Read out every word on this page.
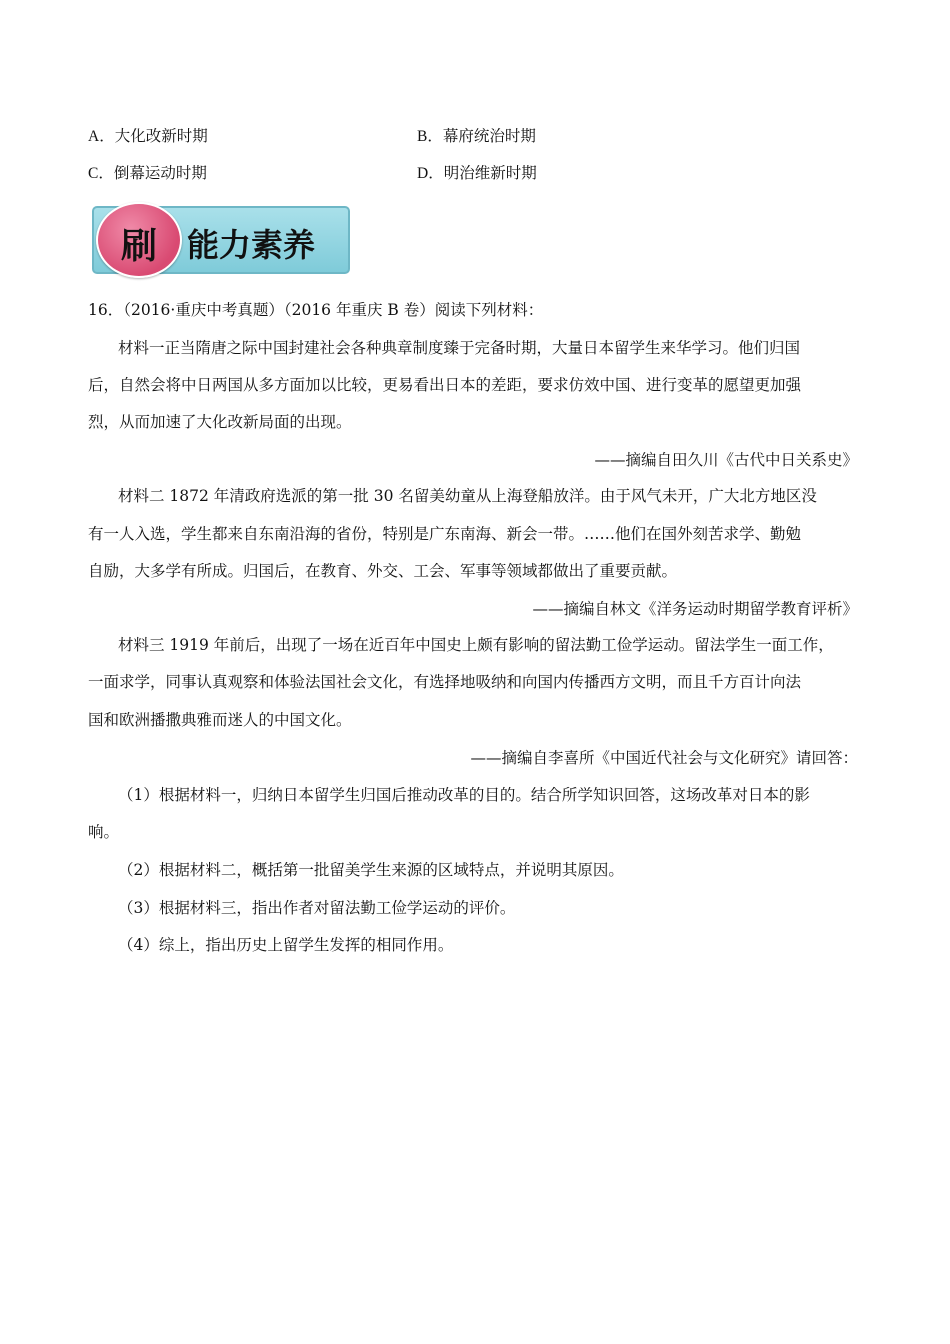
A．大化改新时期	B．幕府统治时期
C．倒幕运动时期	D．明治维新时期
刷 能力素养
16．（2016·重庆中考真题）（2016 年重庆 B 卷）阅读下列材料：
材料一正当隋唐之际中国封建社会各种典章制度臻于完备时期，大量日本留学生来华学习。他们归国
后，自然会将中日两国从多方面加以比较，更易看出日本的差距，要求仿效中国、进行变革的愿望更加强
烈，从而加速了大化改新局面的出现。
——摘编自田久川《古代中日关系史》
材料二 1872 年清政府选派的第一批 30 名留美幼童从上海登船放洋。由于风气未开，广大北方地区没
有一人入选，学生都来自东南沿海的省份，特别是广东南海、新会一带。……他们在国外刻苦求学、勤勉
自励，大多学有所成。归国后，在教育、外交、工会、军事等领域都做出了重要贡献。
——摘编自林文《洋务运动时期留学教育评析》
材料三 1919 年前后，出现了一场在近百年中国史上颇有影响的留法勤工俭学运动。留法学生一面工作，
一面求学，同事认真观察和体验法国社会文化，有选择地吸纳和向国内传播西方文明，而且千方百计向法
国和欧洲播撒典雅而迷人的中国文化。
——摘编自李喜所《中国近代社会与文化研究》请回答：
（1）根据材料一，归纳日本留学生归国后推动改革的目的。结合所学知识回答，这场改革对日本的影
响。
（2）根据材料二，概括第一批留美学生来源的区域特点，并说明其原因。
（3）根据材料三，指出作者对留法勤工俭学运动的评价。
（4）综上，指出历史上留学生发挥的相同作用。
